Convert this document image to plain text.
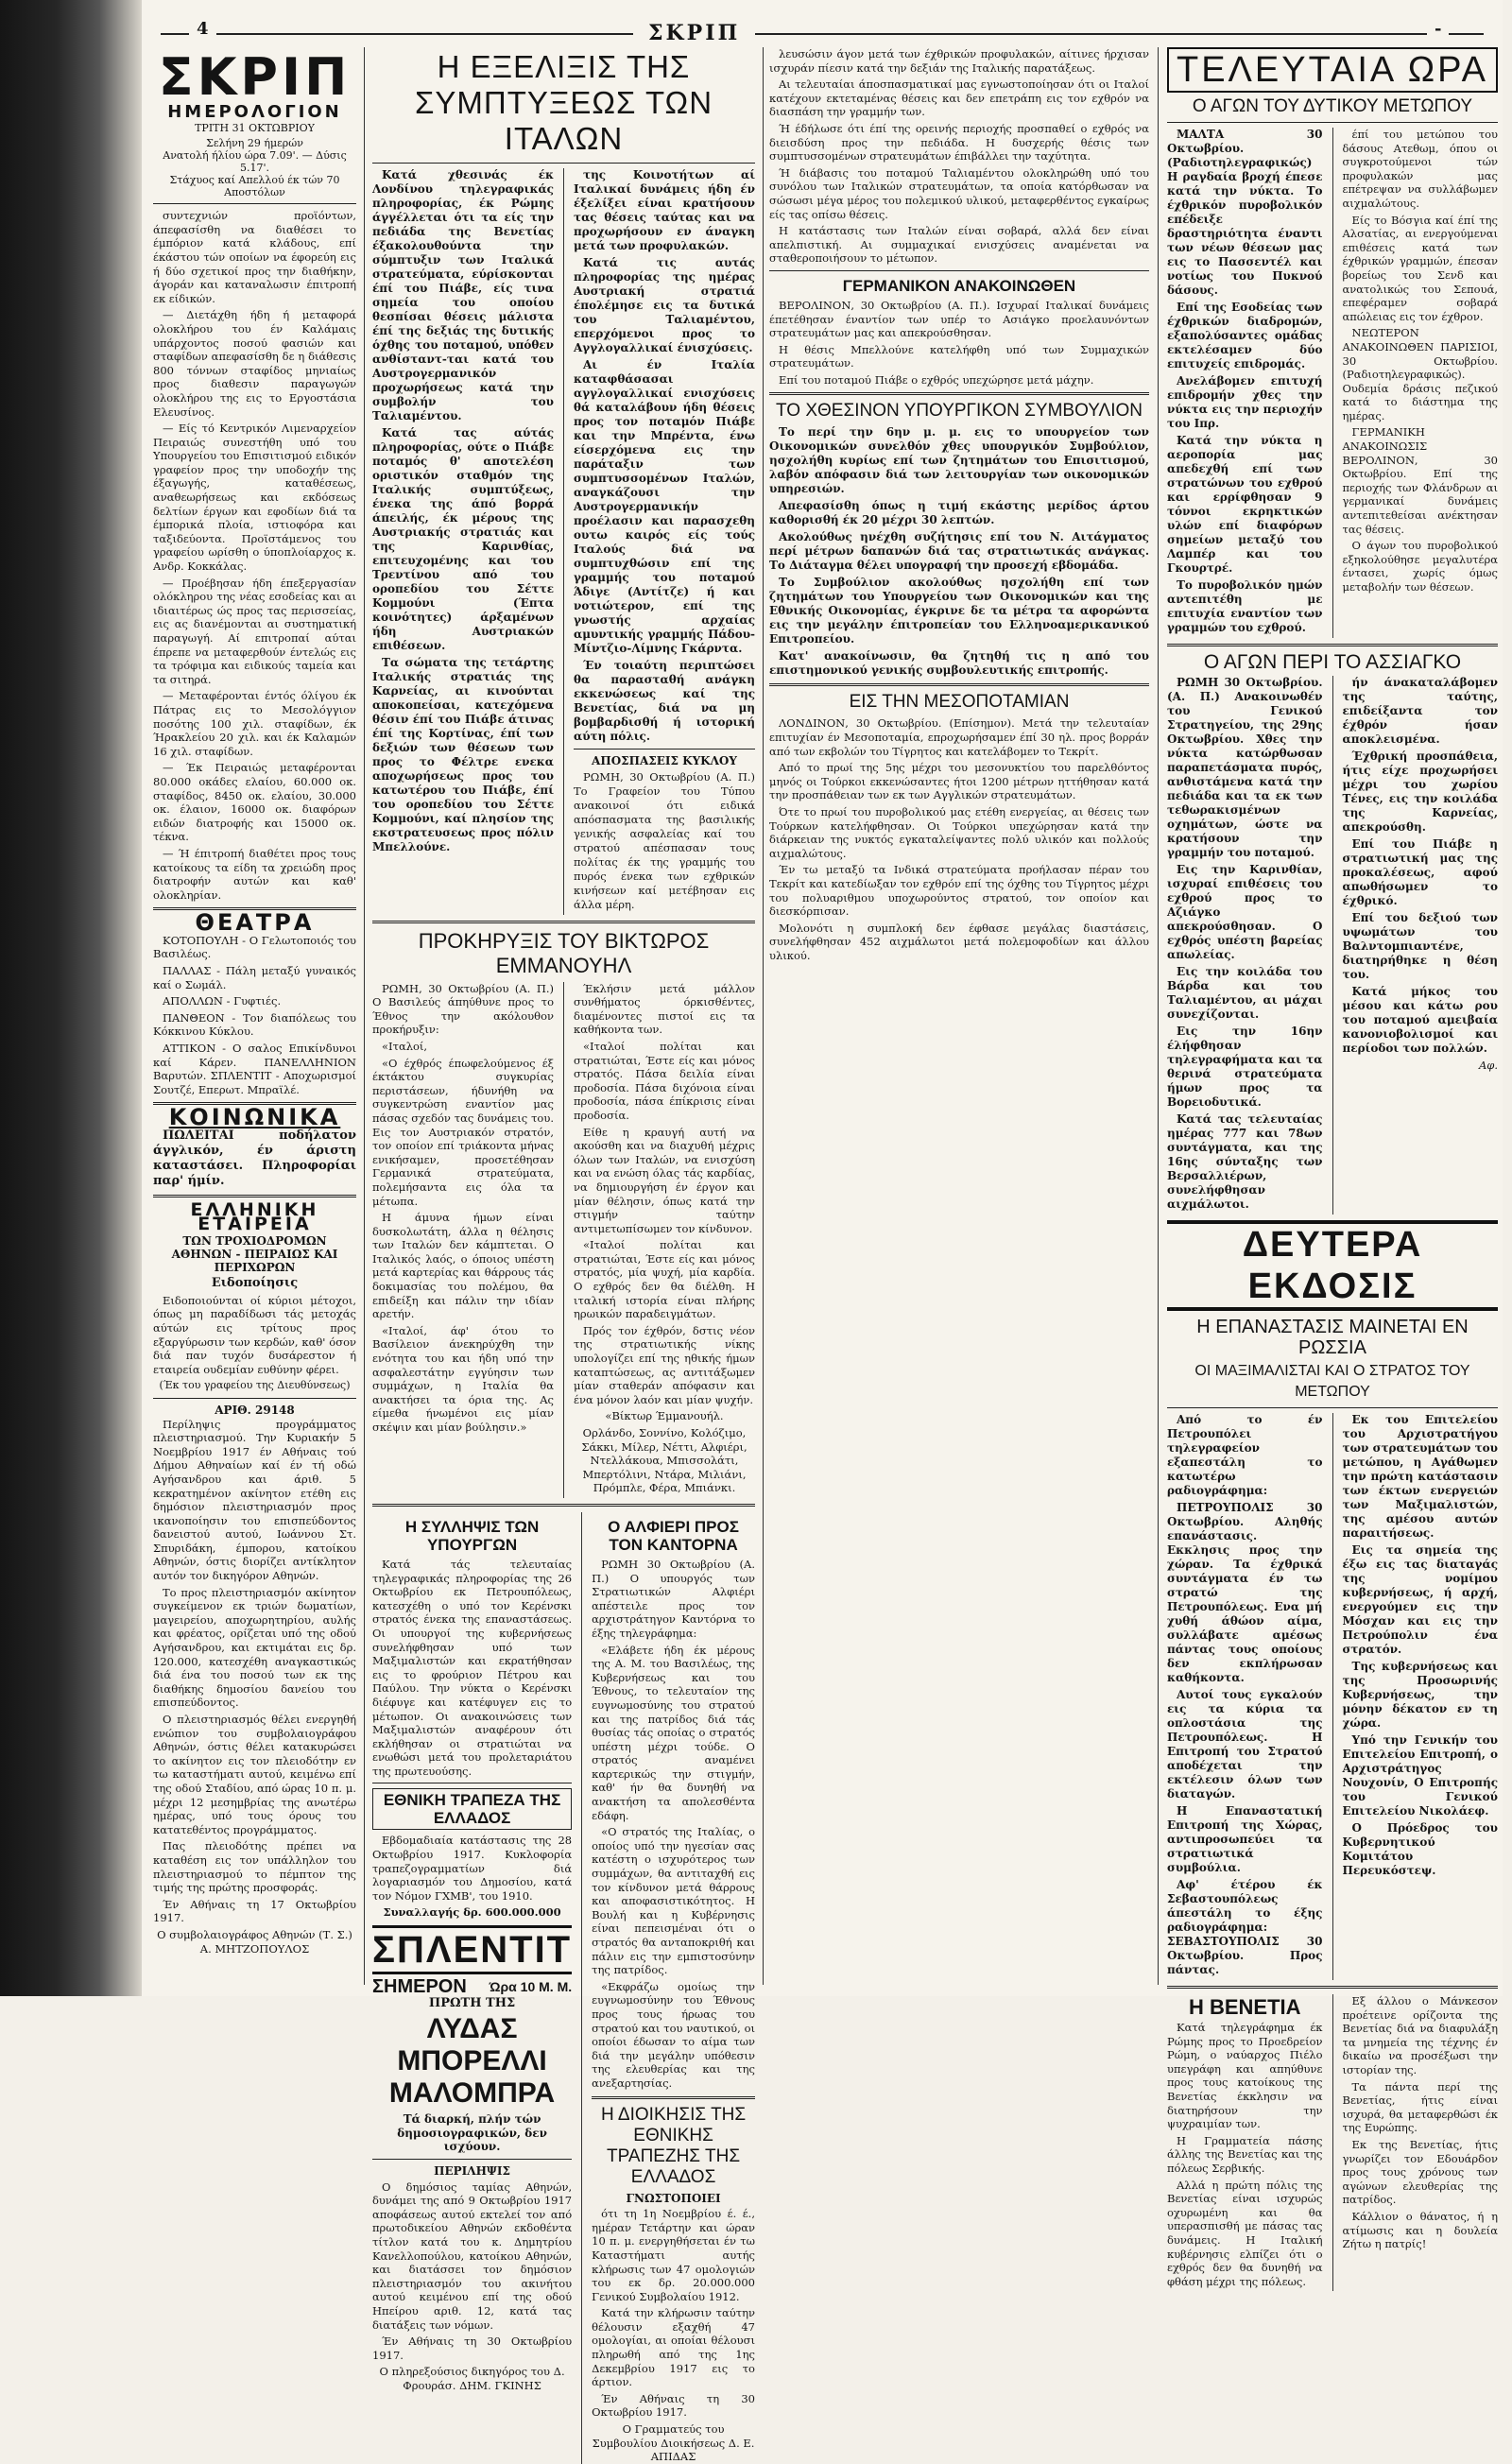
4	ΣΚΡΙΠ	-
ΣΚΡΙΠ
ΗΜΕΡΟΛΟΓΙΟΝ
ΤΡΙΤΗ 31 ΟΚΤΩΒΡΙΟΥ
Σελήνη 29 ήμερών
Ανατολή ήλίου ώρα 7.09'. — Δύσις 5.17'.
Στάχυος καί Απελλού έκ τών 70 Αποστόλων

συντεχνιών προϊόντων, άπεφασίσθη να διαθέσει το έμπόριον κατά κλάδους, επί έκάστου τών οποίων να έφορεύη εις ή δύο σχετικοί προς την διαθήκην, άγοράν και καταναλωσιν έπιτροπή εκ είδικών.

— Διετάχθη ήδη ή μεταφορά ολοκλήρου του έν Καλάμαις υπάρχοντος ποσού φασιών και σταφίδων απεφασίσθη δε η διάθεσις 800 τόννων σταφίδος μηνιαίως προς διαθεσιν παραγωγών ολοκλήρου της εις το Εργοστάσια Ελευσίνος.

— Είς τό Κεντρικόν Λιμεναρχείον Πειραιώς συνεστήθη υπό του Υπουργείου του Επισιτισμού ειδικόν γραφείον προς την υποδοχήν της έξαγωγής, καταθέσεως, αναθεωρήσεως και εκδόσεως δελτίων έργων και εφοδίων διά τα έμπορικά πλοία, ιστιοφόρα και ταξιδεύοντα. Προϊστάμενος του γραφείου ωρίσθη ο ύποπλοίαρχος κ. Ανδρ. Κοκκάλας.

— Προέβησαν ήδη έπεξεργασίαν ολόκληρου της νέας εσοδείας και αι ιδιαιτέρως ώς προς τας περισσείας, εις ας διανέμονται αι συστηματική παραγωγή. Αί επιτροπαί αύται έπρεπε να μεταφερθούν έντελώς εις τα τρόφιμα και ειδικούς ταμεία και τα σιτηρά.

— Μεταφέρονται έντός όλίγου έκ Πάτρας εις το Μεσολόγγιον ποσότης 100 χιλ. σταφίδων, έκ Ήρακλείου 20 χιλ. και έκ Καλαμών 16 χιλ. σταφίδων.

— Έκ Πειραιώς μεταφέρονται 80.000 οκάδες ελαίου, 60.000 οκ. σταφίδος, 8450 οκ. ελαίου, 30.000 οκ. έλαιον, 16000 οκ. διαφόρων ειδών διατροφής και 15000 οκ. τέκνα.

— Ή έπιτροπή διαθέτει προς τους κατοίκους τα είδη τα χρειώδη προς διατροφήν αυτών και καθ' ολοκληρίαν.

ΘΕΑΤΡΑ

ΚΟΤΟΠΟΥΛΗ - Ο Γελωτοποιός του Βασιλέως.

ΠΑΛΛΑΣ - Πάλη μεταξύ γυναικός καί ο Σωμάλ.

ΑΠΟΛΛΩΝ - Γυφτιές.

ΠΑΝΘΕΟΝ - Τον διαπόλεως του Κόκκινου Κύκλου.

ΑΤΤΙΚΟΝ - Ο σαλος Επικίνδυνοι καί Κάρεν. ΠΑΝΕΛΛΗΝΙΟΝ Βαρυτών. ΣΠΛΕΝΤΙΤ - Αποχωρισμοί Σουτζέ, Επερωτ. Μπραϊλέ.

ΚΟΙΝΩΝΙΚΑ

ΠΩΛΕΙΤΑΙ ποδήλατον άγγλικόν, έν άριστη καταστάσει. Πληροφορίαι παρ' ήμίν.

ΕΛΛΗΝΙΚΗ ΕΤΑΙΡΕΙΑ
ΤΩΝ ΤΡΟΧΙΟΔΡΟΜΩΝ ΑΘΗΝΩΝ - ΠΕΙΡΑΙΩΣ ΚΑΙ ΠΕΡΙΧΩΡΩΝ
Ειδοποίησις

Ειδοποιούνται οί κύριοι μέτοχοι, όπως μη παραδίδωσι τάς μετοχάς αύτών εις τρίτους προς εξαργύρωσιν των κερδών, καθ' όσον διά παν τυχόν δυσάρεστον ή εταιρεία ουδεμίαν ευθύνην φέρει.

(Έκ του γραφείου της Διευθύνσεως)
ΑΡΙΘ. 29148

Περίληψις προγράμματος πλειστηριασμού. Την Κυριακήν 5 Νοεμβρίου 1917 έν Αθήναις τού Δήμου Αθηναίων καί έν τή οδώ Αγήσανδρου και άριθ. 5 κεκρατημένον ακίνητον ετέθη εις δημόσιον πλειστηριασμόν προς ικανοποίησιν του επισπεύδοντος δανειστού αυτού, Ιωάννου Στ. Σπυριδάκη, έμπορου, κατοίκου Αθηνών, όστις διορίζει αντίκλητον αυτόν τον δικηγόρον Αθηνών.

Το προς πλειστηριασμόν ακίνητον συγκείμενον εκ τριών δωματίων, μαγειρείου, αποχωρητηρίου, αυλής και φρέατος, ορίζεται υπό της οδού Αγήσανδρου, και εκτιμάται εις δρ. 120.000, κατεσχέθη αναγκαστικώς διά ένα του ποσού των εκ της διαθήκης δημοσίου δανείου του επισπεύδοντος.

Ο πλειστηριασμός θέλει ενεργηθή ενώπιον του συμβολαιογράφου Αθηνών, όστις θέλει κατακυρώσει το ακίνητον εις τον πλειοδότην εν τω καταστήματι αυτού, κειμένω επί της οδού Σταδίου, από ώρας 10 π. μ. μέχρι 12 μεσημβρίας της ανωτέρω ημέρας, υπό τους όρους του κατατεθέντος προγράμματος.

Πας πλειοδότης πρέπει να καταθέση εις τον υπάλληλον του πλειστηριασμού το πέμπτον της τιμής της πρώτης προσφοράς.

Έν Αθήναις τη 17 Οκτωβρίου 1917.

Ο συμβολαιογράφος Αθηνών (Τ. Σ.) Α. ΜΗΤΖΟΠΟΥΛΟΣ
Η ΕΞΕΛΙΞΙΣ ΤΗΣ ΣΥΜΠΤΥΞΕΩΣ ΤΩΝ ΙΤΑΛΩΝ

Κατά χθεσινάς έκ Λονδίνου τηλεγραφικάς πληροφορίας, έκ Ρώμης άγγέλλεται ότι τα είς την πεδιάδα της Βενετίας έξακολουθούντα την σύμπτυξιν των Ιταλικά στρατεύματα, εύρίσκονται έπί του Πιάβε, είς τινα σημεία του οποίου θεσπίσαι θέσεις μάλιστα έπί της δεξιάς της δυτικής όχθης του ποταμού, υπόθεν ανθίσταντ-ται κατά του Αυστρογερμανικόν προχωρήσεως κατά την συμβολήν του Ταλιαμέντου.

Κατά τας αύτάς πληροφορίας, ούτε ο Πιάβε ποταμός θ' αποτελέση οριστικόν σταθμόν της Ιταλικής συμπτύξεως, ένεκα της άπό βορρά άπειλής, έκ μέρους της Αυστριακής στρατιάς και της Καρινθίας, επιτευχομένης και του Τρεντίνου από του οροπεδίου του Σέττε Κομμούνι (Έπτα κοινότητες) άρξαμένων ήδη Αυστριακών επιθέσεων.

Τα σώματα της τετάρτης Ιταλικής στρατιάς της Καρνείας, αι κινούνται αποκοπείσαι, κατεχόμενα θέσιν έπί του Πιάβε άτινας έπί της Κορτίνας, έπί των δεξιών των θέσεων των προς το Φέλτρε ενεκα αποχωρήσεως προς του κατωτέρου του Πιάβε, έπί του οροπεδίου του Σέττε Κομμούνι, καί πλησίον της εκστρατευσεως προς πόλιν Μπελλούνε.

της Κοινοτήτων αί Ιταλικαί δυνάμεις ήδη έν έξελίξει είναι κρατήσουν τας θέσεις ταύτας και να προχωρήσουν εν άναγκη μετά των προφυλακών.

Κατά τις αυτάς πληροφορίας της ημέρας Αυστριακή στρατιά έπολέμησε εις τα δυτικά του Ταλιαμέντου, επερχόμενοι προς το Αγγλογαλλικαί ένισχύσεις.

Αι έν Ιταλία καταφθάσασαι αγγλογαλλικαί ενισχύσεις θά καταλάβουν ήδη θέσεις προς τον ποταμόν Πιάβε και την Μπρέντα, ένω είσερχόμενα εις την παράταξιν των συμπτυσσομένων Ιταλών, αναγκάζουσι την Αυστρογερμανικήν προέλασιν και παρασχεθη ουτω καιρός είς τούς Ιταλούς διά να συμπτυχθώσιν επί της γραμμής του ποταμού Άδιγε (Αντίτζε) ή και νοτιώτερον, επί της γνωστής αρχαίας αμυντικής γραμμής Πάδου-Μίντζιο-Λίμνης Γκάρντα.

Έν τοιαύτη περιπτώσει θα παρασταθή ανάγκη εκκενώσεως καί της Βενετίας, διά να μη βομβαρδισθή ή ιστορική αύτη πόλις.

ΑΠΟΣΠΑΣΕΙΣ ΚΥΚΛΟΥ

ΡΩΜΗ, 30 Οκτωβρίου (Α. Π.) Το Γραφείον του Τύπου ανακοινοί ότι ειδικά απόσπασματα της βασιλικής γενικής ασφαλείας καί του στρατού απέσπασαν τους πολίτας έκ της γραμμής του πυρός ένεκα των εχθρικών κινήσεων καί μετέβησαν εις άλλα μέρη.

ΠΡΟΚΗΡΥΞΙΣ ΤΟΥ ΒΙΚΤΩΡΟΣ ΕΜΜΑΝΟΥΗΛ

ΡΩΜΗ, 30 Οκτωβρίου (Α. Π.) Ο Βασιλεύς άπηύθυνε προς το Έθνος την ακόλουθον προκήρυξιν:

«Ιταλοί,

«Ο έχθρός έπωφελούμενος έξ έκτάκτου συγκυρίας περιστάσεων, ήδυνήθη να συγκεντρώση εναντίον μας πάσας σχεδόν τας δυνάμεις του. Εις τον Αυστριακόν στρατόν, τον οποίον επί τριάκοντα μήνας ενικήσαμεν, προσετέθησαν Γερμανικά στρατεύματα, πολεμήσαντα εις όλα τα μέτωπα.

Η άμυνα ήμων είναι δυσκολωτάτη, άλλα η θέλησις των Ιταλών δεν κάμπτεται. Ο Ιταλικός λαός, ο όποιος υπέστη μετά καρτερίας και θάρρους τάς δοκιμασίας του πολέμου, θα επιδείξη και πάλιν την ιδίαν αρετήν.

«Ιταλοί, άφ' ότου το Βασίλειον άνεκηρύχθη την ενότητα του και ήδη υπό την ασφαλεστάτην εγγύησιν των συμμάχων, η Ιταλία θα ανακτήσει τα όρια της. Ας είμεθα ήνωμένοι εις μίαν σκέψιν και μίαν βούλησιν.»

Έκλήσιν μετά μάλλον συνθήματος όρκισθέντες, διαμένοντες πιστοί εις τα καθήκοντα των.

«Ιταλοί πολίται και στρατιώται, Έστε είς και μόνος στρατός. Πάσα δειλία είναι προδοσία. Πάσα διχόνοια είναι προδοσία, πάσα έπίκρισις είναι προδοσία.

Είθε η κραυγή αυτή να ακούσθη και να διαχυθή μέχρις όλων των Ιταλών, να ενισχύση και να ενώση όλας τάς καρδίας, να δημιουργήση έν έργον και μίαν θέλησιν, όπως κατά την στιγμήν ταύτην αντιμετωπίσωμεν τον κίνδυνον.

«Ιταλοί πολίται και στρατιώται, Έστε είς και μόνος στρατός, μία ψυχή, μία καρδία. Ο εχθρός δεν θα διέλθη. Η ιταλική ιστορία είναι πλήρης ηρωικών παραδειγμάτων.

Πρός τον έχθρόν, δστις νέον της στρατιωτικής νίκης υπολογίζει επί της ηθικής ήμων καταπτώσεως, ας αντιτάξωμεν μίαν σταθεράν απόφασιν και ένα μόνον λαόν και μίαν ψυχήν.

«Βίκτωρ Έμμανουήλ.

Ορλάνδο, Σοννίνο, Κολόζιμο, Σάκκι, Μίλερ, Νέττι, Αλφιέρι, Ντελλάκουα, Μπισσολάτι, Μπερτόλινι, Ντάρα, Μιλιάνι, Πρόμπλε, Φέρα, Μπιάνκι.

Η ΣΥΛΛΗΨΙΣ ΤΩΝ ΥΠΟΥΡΓΩΝ

Κατά τάς τελευταίας τηλεγραφικάς πληροφορίας της 26 Οκτωβρίου εκ Πετρουπόλεως, κατεσχέθη ο υπό τον Κερένσκι στρατός ένεκα της επαναστάσεως. Οι υπουργοί της κυβερνήσεως συνελήφθησαν υπό των Μαξιμαλιστών και εκρατήθησαν εις το φρούριον Πέτρου και Παύλου. Την νύκτα ο Κερένσκι διέφυγε και κατέφυγεν εις το μέτωπον. Οι ανακοινώσεις των Μαξιμαλιστών αναφέρουν ότι εκλήθησαν οι στρατιώται να ενωθώσι μετά του προλεταριάτου της πρωτευούσης.

ΕΘΝΙΚΗ ΤΡΑΠΕΖΑ ΤΗΣ ΕΛΛΑΔΟΣ

Εβδομαδιαία κατάστασις της 28 Οκτωβρίου 1917. Κυκλοφορία τραπεζογραμματίων διά λογαριασμόν του Δημοσίου, κατά τον Νόμον ΓΧΜΒ', του 1910.

Συναλλαγής δρ. 600.000.000
ΣΠΛΕΝΤΙΤ
ΣΗΜΕΡΟΝ Ώρα 10 Μ. Μ.
ΠΡΩΤΗ ΤΗΣ
ΛΥΔΑΣ ΜΠΟΡΕΛΛΙ ΜΑΛΟΜΠΡΑ
Τά διαρκή, πλήν τών δημοσιογραφικών, δεν ισχύουν.
ΠΕΡΙΛΗΨΙΣ

Ο δημόσιος ταμίας Αθηνών, δυνάμει της από 9 Οκτωβρίου 1917 αποφάσεως αυτού εκτελεί τον από πρωτοδικείου Αθηνών εκδοθέντα τίτλον κατά του κ. Δημητρίου Κανελλοπούλου, κατοίκου Αθηνών, και διατάσσει τον δημόσιον πλειστηριασμόν του ακινήτου αυτού κειμένου επί της οδού Ηπείρου αριθ. 12, κατά τας διατάξεις των νόμων.

Έν Αθήναις τη 30 Οκτωβρίου 1917.

Ο πληρεξούσιος δικηγόρος του Δ. Φρουράσ. ΔΗΜ. ΓΚΙΝΗΣ
Ο ΑΛΦΙΕΡΙ ΠΡΟΣ ΤΟΝ ΚΑΝΤΟΡΝΑ

ΡΩΜΗ 30 Οκτωβρίου (Α. Π.) Ο υπουργός των Στρατιωτικών Αλφιέρι απέστειλε προς τον αρχιστράτηγον Καντόρνα το έξης τηλεγράφημα:

«Ελάβετε ήδη έκ μέρους της Α. Μ. του Βασιλέως, της Κυβερνήσεως και του Έθνους, το τελευταίον της ευγνωμοσύνης του στρατού και της πατρίδος διά τάς θυσίας τάς οποίας ο στρατός υπέστη μέχρι τούδε. Ο στρατός αναμένει καρτερικώς την στιγμήν, καθ' ήν θα δυνηθή να ανακτήση τα απολεσθέντα εδάφη.

«Ο στρατός της Ιταλίας, ο οποίος υπό την ηγεσίαν σας κατέστη ο ισχυρότερος των συμμάχων, θα αντιταχθή εις τον κίνδυνον μετά θάρρους και αποφασιστικότητος. Η Βουλή και η Κυβέρνησις είναι πεπεισμέναι ότι ο στρατός θα ανταποκριθή και πάλιν εις την εμπιστοσύνην της πατρίδος.

«Εκφράζω ομοίως την ευγνωμοσύνην του Έθνους προς τους ήρωας του στρατού και του ναυτικού, οι οποίοι έδωσαν το αίμα των διά την μεγάλην υπόθεσιν της ελευθερίας και της ανεξαρτησίας.

Η ΔΙΟΙΚΗΣΙΣ ΤΗΣ ΕΘΝΙΚΗΣ ΤΡΑΠΕΖΗΣ ΤΗΣ ΕΛΛΑΔΟΣ
ΓΝΩΣΤΟΠΟΙΕΙ

ότι τη 1η Νοεμβρίου έ. έ., ημέραν Τετάρτην και ώραν 10 π. μ. ενεργηθήσεται έν τω Καταστήματι αυτής κλήρωσις των 47 ομολογιών του εκ δρ. 20.000.000 Γενικού Συμβολαίου 1912.

Κατά την κλήρωσιν ταύτην θέλουσιν εξαχθή 47 ομολογίαι, αι οποίαι θέλουσι πληρωθή από της 1ης Δεκεμβρίου 1917 εις το άρτιον.

Έν Αθήναις τη 30 Οκτωβρίου 1917.

Ο Γραμματεύς του Συμβουλίου Διοικήσεως Δ. Ε. ΑΠΙΔΑΣ

λευσώσιν άγον μετά των έχθρικών προφυλακών, αίτινες ήρχισαν ισχυράν πίεσιν κατά την δεξιάν της Ιταλικής παρατάξεως.

Αι τελευταίαι άποσπασματικαί μας εγνωστοποίησαν ότι οι Ιταλοί κατέχουν εκτεταμένας θέσεις και δεν επετράπη εις τον εχθρόν να διασπάση την γραμμήν των.

Ή έδήλωσε ότι έπί της ορεινής περιοχής προσπαθεί ο εχθρός να διεισδύση προς την πεδιάδα. Η δυσχερής θέσις των συμπτυσσομένων στρατευμάτων έπιβάλλει την ταχύτητα.

Ή διάβασις του ποταμού Ταλιαμέντου ολοκληρώθη υπό του συνόλου των Ιταλικών στρατευμάτων, τα οποία κατόρθωσαν να σώσωσι μέγα μέρος του πολεμικού υλικού, μεταφερθέντος εγκαίρως είς τας οπίσω θέσεις.

Η κατάστασις των Ιταλών είναι σοβαρά, αλλά δεν είναι απελπιστική. Αι συμμαχικαί ενισχύσεις αναμένεται να σταθεροποιήσουν το μέτωπον.

ΓΕΡΜΑΝΙΚΟΝ ΑΝΑΚΟΙΝΩΘΕΝ

ΒΕΡΟΛΙΝΟΝ, 30 Οκτωβρίου (Α. Π.). Ισχυραί Ιταλικαί δυνάμεις έπετέθησαν έναντίον των υπέρ το Ασιάγκο προελαυνόντων στρατευμάτων μας και απεκρούσθησαν.

Η θέσις Μπελλούνε κατελήφθη υπό των Συμμαχικών στρατευμάτων.

Επί του ποταμού Πιάβε ο εχθρός υπεχώρησε μετά μάχην.

ΤΟ ΧΘΕΣΙΝΟΝ ΥΠΟΥΡΓΙΚΟΝ ΣΥΜΒΟΥΛΙΟΝ

Το περί την 6ην μ. μ. εις το υπουργείον των Οικονομικών συνελθόν χθες υπουργικόν Συμβούλιον, ησχολήθη κυρίως επί των ζητημάτων του Επισιτισμού, λαβόν απόφασιν διά των λειτουργίαν των οικονομικών υπηρεσιών.

Απεφασίσθη όπως η τιμή εκάστης μερίδος άρτου καθορισθή έκ 20 μέχρι 30 λεπτών.

Ακολούθως ηνέχθη συζήτησις επί του Ν. Αιτάγματος περί μέτρων δαπανών διά τας στρατιωτικάς ανάγκας. Το Διάταγμα θέλει υπογραφή την προσεχή εβδομάδα.

Το Συμβούλιον ακολούθως ησχολήθη επί των ζητημάτων του Υπουργείου των Οικονομικών και της Εθνικής Οικονομίας, έγκρινε δε τα μέτρα τα αφορώντα εις την μεγάλην έπιτροπείαν του Ελληνοαμερικανικού Επιτροπείου.

Κατ' ανακοίνωσιν, θα ζητηθή τις η από του επιστημονικού γενικής συμβουλευτικής επιτροπής.

ΕΙΣ ΤΗΝ ΜΕΣΟΠΟΤΑΜΙΑΝ

ΛΟΝΔΙΝΟΝ, 30 Οκτωβρίου. (Επίσημον). Μετά την τελευταίαν επιτυχίαν έν Μεσοποταμία, επροχωρήσαμεν έπί 30 ηλ. προς βορράν από των εκβολών του Τίγρητος και κατελάβομεν το Τεκρίτ.

Από το πρωί της 5ης μέχρι του μεσονυκτίου του παρελθόντος μηνός οι Τούρκοι εκκενώσαντες ήτοι 1200 μέτρων ηττήθησαν κατά την προσπάθειαν των εκ των Αγγλικών στρατευμάτων.

Ότε το πρωί του πυροβολικού μας ετέθη ενεργείας, αι θέσεις των Τούρκων κατελήφθησαν. Οι Τούρκοι υπεχώρησαν κατά την διάρκειαν της νυκτός εγκαταλείψαντες πολύ υλικόν και πολλούς αιχμαλώτους.

Έν τω μεταξύ τα Ινδικά στρατεύματα προήλασαν πέραν του Τεκρίτ και κατεδίωξαν τον εχθρόν επί της όχθης του Τίγρητος μέχρι του πολυαριθμου υποχωρούντος στρατού, τον οποίον και διεσκόρπισαν.

Μολονότι η συμπλοκή δεν έφθασε μεγάλας διαστάσεις, συνελήφθησαν 452 αιχμάλωτοι μετά πολεμοφοδίων και άλλου υλικού.

ΤΕΛΕΥΤΑΙΑ ΩΡΑ
Ο ΑΓΩΝ ΤΟΥ ΔΥΤΙΚΟΥ ΜΕΤΩΠΟΥ

ΜΑΛΤΑ 30 Οκτωβρίου. (Ραδιοτηλεγραφικώς) Η ραγδαία βροχή έπεσε κατά την νύκτα. Το έχθρικόν πυροβολικόν επέδειξε δραστηριότητα έναντι των νέων θέσεων μας εις το Πασσεντέλ και νοτίως του Πυκνού δάσους.

Επί της Εσοδείας των έχθρικών διαδρομών, εξαπολύσαντες ομάδας εκτελέσαμεν δύο επιτυχείς επιδρομάς.

Ανελάβομεν επιτυχή επιδρομήν χθες την νύκτα εις την περιοχήν του Ιπρ.

Κατά την νύκτα η αεροπορία μας απεδεχθή επί των στρατώνων του εχθρού και ερρίφθησαν 9 τόννοι εκρηκτικών υλών επί διαφόρων σημείων μεταξύ του Λαμπέρ και του Γκουρτρέ.

Το πυροβολικόν ημών αντεπιτέθη με επιτυχία εναντίον των γραμμών του εχθρού.

έπί του μετώπου του δάσους Ατεθωμ, όπου οι συγκροτούμενοι τών προφυλακών μας επέτρεψαν να συλλάβωμεν αιχμαλώτους.

Είς το Βόσγια καί έπί της Αλσατίας, αι ενεργούμεναι επιθέσεις κατά των έχθρικών γραμμών, έπεσαν βορείως του Σενδ και ανατολικώς του Σεπουά, επεφέραμεν σοβαρά απώλειας εις τον έχθρον.

ΝΕΩΤΕΡΟΝ ΑΝΑΚΟΙΝΩΘΕΝ ΠΑΡΙΣΙΟΙ, 30 Οκτωβρίου. (Ραδιοτηλεγραφικώς). Ουδεμία δράσις πεζικού κατά το διάστημα της ημέρας.

ΓΕΡΜΑΝΙΚΗ ΑΝΑΚΟΙΝΩΣΙΣ ΒΕΡΟΛΙΝΟΝ, 30 Οκτωβρίου. Επί της περιοχής των Φλάνδρων αι γερμανικαί δυνάμεις αντεπιτεθείσαι ανέκτησαν τας θέσεις.

Ο άγων του πυροβολικού εξηκολούθησε μεγαλυτέρα έντασει, χωρίς όμως μεταβολήν των θέσεων.

Ο ΑΓΩΝ ΠΕΡΙ ΤΟ ΑΣΣΙΑΓΚΟ

ΡΩΜΗ 30 Οκτωβρίου. (Α. Π.) Ανακοινωθέν του Γενικού Στρατηγείου, της 29ης Οκτωβρίου. Χθες την νύκτα κατώρθωσαν παραπετάσματα πυρός, ανθιστάμενα κατά την πεδιάδα και τα εκ των τεθωρακισμένων οχημάτων, ώστε να κρατήσουν την γραμμήν του ποταμού.

Εις την Καρινθίαν, ισχυραί επιθέσεις του εχθρού προς το Αζιάγκο απεκρούσθησαν. Ο εχθρός υπέστη βαρείας απωλείας.

Εις την κοιλάδα του Βάρδα και του Ταλιαμέντου, αι μάχαι συνεχίζονται.

Εις την 16ην έλήφθησαν τηλεγραφήματα και τα θερινά στρατεύματα ήμων προς τα Βορειοδυτικά.

Κατά τας τελευταίας ημέρας 777 και 78ων συντάγματα, και της 16ης σύνταξης των Βερσαλλιέρων, συνελήφθησαν αιχμάλωτοι.

ήν άνακαταλάβομεν της ταύτης, επιδείξαντα τον έχθρόν ήσαν αποκλεισμένα.

Έχθρική προσπάθεια, ήτις είχε προχωρήσει μέχρι του χωρίου Τένες, εις την κοιλάδα της Καρνείας, απεκρούσθη.

Επί του Πιάβε η στρατιωτική μας της προκαλέσεως, αφού απωθήσωμεν το έχθρικό.

Επί του δεξιού των υψωμάτων του Βαλντομπιαντένε, διατηρήθηκε η θέση του.

Κατά μήκος του μέσου και κάτω ρου του ποταμού αμειβαία κανονιοβολισμοί και περίοδοι των πολλών.

Αφ.
ΔΕΥΤΕΡΑ ΕΚΔΟΣΙΣ
Η ΕΠΑΝΑΣΤΑΣΙΣ ΜΑΙΝΕΤΑΙ ΕΝ ΡΩΣΣΙΑ
ΟΙ ΜΑΞΙΜΑΛΙΣΤΑΙ ΚΑΙ Ο ΣΤΡΑΤΟΣ ΤΟΥ ΜΕΤΩΠΟΥ

Από το έν Πετρουπόλει τηλεγραφείον εξαπεστάλη το κατωτέρω ραδιογράφημα:

ΠΕΤΡΟΥΠΟΛΙΣ 30 Οκτωβρίου. Αληθής επανάστασις. Εκκλησις προς την χώραν. Τα έχθρικά συντάγματα έν τω στρατώ της Πετρουπόλεως. Ενα μή χυθή άθώον αίμα, συλλάβατε αμέσως πάντας τους οποίους δεν εκπλήρωσαν καθήκοντα.

Αυτοί τους εγκαλούν εις τα κύρια τα οπλοστάσια της Πετρουπόλεως. Η Επιτροπή του Στρατού αποδέχεται την εκτέλεσιν όλων των διαταγών.

Η Επαναστατική Επιτροπή της Χώρας, αντιπροσωπεύει τα στρατιωτικά συμβούλια.

Αφ' έτέρου έκ Σεβαστουπόλεως άπεστάλη το έξης ραδιογράφημα: ΣΕΒΑΣΤΟΥΠΟΛΙΣ 30 Οκτωβρίου. Προς πάντας.

Εκ του Επιτελείου του Αρχιστρατήγου των στρατευμάτων του μετώπου, η Αγάθωμεν την πρώτη κατάστασιν των έκτων ενεργειών των Μαξιμαλιστών, της αμέσου αυτών παραιτήσεως.

Εις τα σημεία της έξω εις τας διαταγάς της νομίμου κυβερνήσεως, ή αρχή, ενεργούμεν εις την Μόσχαν και εις την Πετρούπολιν ένα στρατόν.

Της κυβερνήσεως και της Προσωρινής Κυβερνήσεως, την μόνην δέκατον εν τη χώρα.

Υπό την Γενικήν του Επιτελείου Επιτροπή, ο Αρχιστράτηγος Νουχονίν, Ο Επιτροπής του Γενικού Επιτελείου Νικολάεφ.

Ο Πρόεδρος του Κυβερνητικού Κομιτάτου Περευκόστεψ.

Η ΒΕΝΕΤΙΑ

Κατά τηλεγράφημα έκ Ρώμης προς το Προεδρείον Ρώμη, ο ναύαρχος Πιέλο υπεγράφη και απηύθυνε προς τους κατοίκους της Βενετίας έκκλησιν να διατηρήσουν την ψυχραιμίαν των.

Η Γραμματεία πάσης άλλης της Βενετίας και της πόλεως Σερβικής.

Αλλά η πρώτη πόλις της Βενετίας είναι ισχυρώς οχυρωμένη και θα υπερασπισθή με πάσας τας δυνάμεις. Η Ιταλική κυβέρνησις ελπίζει ότι ο εχθρός δεν θα δυνηθή να φθάση μέχρι της πόλεως.

Εξ άλλου ο Μάνκεσον προέτεινε ορίζοντα της Βενετίας διά να διαφυλάξη τα μνημεία της τέχνης έν δικαίω να προσέξωσι την ιστορίαν της.

Τα πάντα περί της Βενετίας, ήτις είναι ισχυρά, θα μεταφερθώσι έκ της Ευρώπης.

Εκ της Βενετίας, ήτις γνωρίζει τον Εδουάρδον προς τους χρόνους των αγώνων ελευθερίας της πατρίδος.

Κάλλιον ο θάνατος, ή η ατίμωσις και η δουλεία Ζήτω η πατρίς!
